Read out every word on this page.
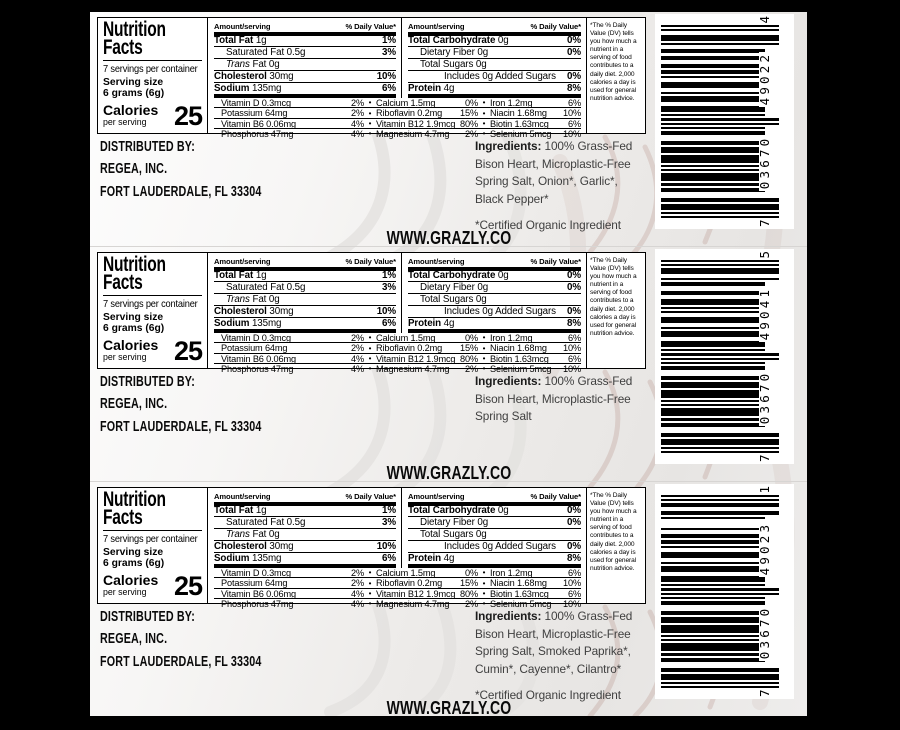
Nutrition
Facts
7 servings per container
Serving size
6 grams (6g)
Calories
per serving	25
Amount/serving	% Daily Value*
Total Fat 1g	1%
Saturated Fat 0.5g	3%
Trans Fat 0g
Cholesterol 30mg	10%
Sodium 135mg	6%
Amount/serving	% Daily Value*
Total Carbohydrate 0g	0%
Dietary Fiber 0g	0%
Total Sugars 0g
Includes 0g Added Sugars 0%
Protein 4g	8%
Vitamin D 0.3mcg	2% • Calcium 1.5mg	0% • Iron 1.2mg	6%
Potassium 64mg	2% • Riboflavin 0.2mg 15% • Niacin 1.68mg 10%
Vitamin B6 0.06mg	4% • Vitamin B12 1.9mcg 80% • Biotin 1.63mcg 6%
Phosphorus 47mg	4% • Magnesium 4.7mg 2% • Selenium 5mcg 10%
*The % Daily Value (DV) tells you how much a nutrient in a serving of food contributes to a daily diet. 2,000 calories a day is used for general nutrition advice.
DISTRIBUTED BY:
REGEA, INC.
FORT LAUDERDALE, FL 33304

Ingredients: 100% Grass-Fed Bison Heart, Microplastic-Free Spring Salt, Onion*, Garlic*, Black Pepper*

*Certified Organic Ingredient

WWW.GRAZLY.CO
7
03670
49022
4
Nutrition
Facts
7 servings per container
Serving size
6 grams (6g)
Calories
per serving	25
Amount/serving	% Daily Value*
Total Fat 1g	1%
Saturated Fat 0.5g	3%
Trans Fat 0g
Cholesterol 30mg	10%
Sodium 135mg	6%
Amount/serving	% Daily Value*
Total Carbohydrate 0g	0%
Dietary Fiber 0g	0%
Total Sugars 0g
Includes 0g Added Sugars 0%
Protein 4g	8%
Vitamin D 0.3mcg	2% • Calcium 1.5mg	0% • Iron 1.2mg	6%
Potassium 64mg	2% • Riboflavin 0.2mg 15% • Niacin 1.68mg 10%
Vitamin B6 0.06mg	4% • Vitamin B12 1.9mcg 80% • Biotin 1.63mcg 6%
Phosphorus 47mg	4% • Magnesium 4.7mg 2% • Selenium 5mcg 10%
*The % Daily Value (DV) tells you how much a nutrient in a serving of food contributes to a daily diet. 2,000 calories a day is used for general nutrition advice.
DISTRIBUTED BY:
REGEA, INC.
FORT LAUDERDALE, FL 33304

Ingredients: 100% Grass-Fed Bison Heart, Microplastic-Free Spring Salt

WWW.GRAZLY.CO
7
03670
49041
5
Nutrition
Facts
7 servings per container
Serving size
6 grams (6g)
Calories
per serving	25
Amount/serving	% Daily Value*
Total Fat 1g	1%
Saturated Fat 0.5g	3%
Trans Fat 0g
Cholesterol 30mg	10%
Sodium 135mg	6%
Amount/serving	% Daily Value*
Total Carbohydrate 0g	0%
Dietary Fiber 0g	0%
Total Sugars 0g
Includes 0g Added Sugars 0%
Protein 4g	8%
Vitamin D 0.3mcg	2% • Calcium 1.5mg	0% • Iron 1.2mg	6%
Potassium 64mg	2% • Riboflavin 0.2mg 15% • Niacin 1.68mg 10%
Vitamin B6 0.06mg	4% • Vitamin B12 1.9mcg 80% • Biotin 1.63mcg 6%
Phosphorus 47mg	4% • Magnesium 4.7mg 2% • Selenium 5mcg 10%
*The % Daily Value (DV) tells you how much a nutrient in a serving of food contributes to a daily diet. 2,000 calories a day is used for general nutrition advice.
DISTRIBUTED BY:
REGEA, INC.
FORT LAUDERDALE, FL 33304

Ingredients: 100% Grass-Fed Bison Heart, Microplastic-Free Spring Salt, Smoked Paprika*, Cumin*, Cayenne*, Cilantro*

*Certified Organic Ingredient

WWW.GRAZLY.CO
7
03670
49023
1
